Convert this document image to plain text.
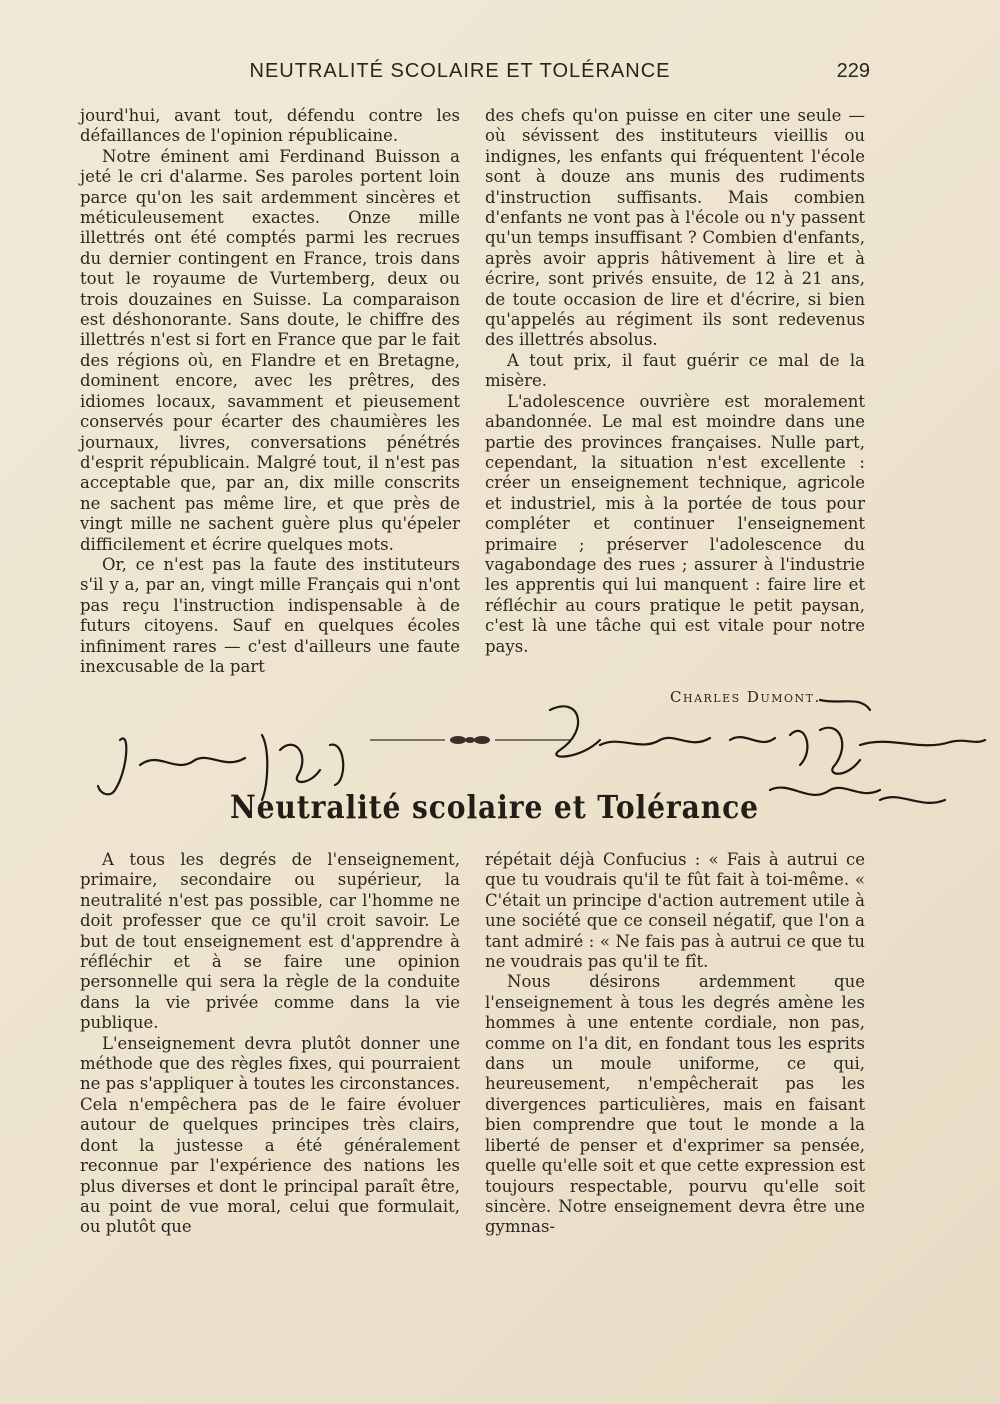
NEUTRALITÉ SCOLAIRE ET TOLÉRANCE	229

jourd'hui, avant tout, défendu contre les défaillances de l'opinion républicaine.

Notre éminent ami Ferdinand Buisson a jeté le cri d'alarme. Ses paroles portent loin parce qu'on les sait ardemment sincères et méticuleusement exactes. Onze mille illettrés ont été comptés parmi les recrues du dernier contingent en France, trois dans tout le royaume de Vurtemberg, deux ou trois douzaines en Suisse. La comparaison est déshonorante. Sans doute, le chiffre des illettrés n'est si fort en France que par le fait des régions où, en Flandre et en Bretagne, dominent encore, avec les prêtres, des idiomes locaux, savamment et pieusement conservés pour écarter des chaumières les journaux, livres, conversations pénétrés d'esprit républicain. Malgré tout, il n'est pas acceptable que, par an, dix mille conscrits ne sachent pas même lire, et que près de vingt mille ne sachent guère plus qu'épeler difficilement et écrire quelques mots.

Or, ce n'est pas la faute des instituteurs s'il y a, par an, vingt mille Français qui n'ont pas reçu l'instruction indispensable à de futurs citoyens. Sauf en quelques écoles infiniment rares — c'est d'ailleurs une faute inexcusable de la part

des chefs qu'on puisse en citer une seule — où sévissent des instituteurs vieillis ou indignes, les enfants qui fréquentent l'école sont à douze ans munis des rudiments d'instruction suffisants. Mais combien d'enfants ne vont pas à l'école ou n'y passent qu'un temps insuffisant ? Combien d'enfants, après avoir appris hâtivement à lire et à écrire, sont privés ensuite, de 12 à 21 ans, de toute occasion de lire et d'écrire, si bien qu'appelés au régiment ils sont redevenus des illettrés absolus.

A tout prix, il faut guérir ce mal de la misère.

L'adolescence ouvrière est moralement abandonnée. Le mal est moindre dans une partie des provinces françaises. Nulle part, cependant, la situation n'est excellente : créer un enseignement technique, agricole et industriel, mis à la portée de tous pour compléter et continuer l'enseignement primaire ; préserver l'adolescence du vagabondage des rues ; assurer à l'industrie les apprentis qui lui manquent : faire lire et réfléchir au cours pratique le petit paysan, c'est là une tâche qui est vitale pour notre pays.

Charles Dumont.
Neutralité scolaire et Tolérance

A tous les degrés de l'enseignement, primaire, secondaire ou supérieur, la neutralité n'est pas possible, car l'homme ne doit professer que ce qu'il croit savoir. Le but de tout enseignement est d'apprendre à réfléchir et à se faire une opinion personnelle qui sera la règle de la conduite dans la vie privée comme dans la vie publique.

L'enseignement devra plutôt donner une méthode que des règles fixes, qui pourraient ne pas s'appliquer à toutes les circonstances. Cela n'empêchera pas de le faire évoluer autour de quelques principes très clairs, dont la justesse a été généralement reconnue par l'expérience des nations les plus diverses et dont le principal paraît être, au point de vue moral, celui que formulait, ou plutôt que

répétait déjà Confucius : « Fais à autrui ce que tu voudrais qu'il te fût fait à toi-même. « C'était un principe d'action autrement utile à une société que ce conseil négatif, que l'on a tant admiré : « Ne fais pas à autrui ce que tu ne voudrais pas qu'il te fît.

Nous désirons ardemment que l'enseignement à tous les degrés amène les hommes à une entente cordiale, non pas, comme on l'a dit, en fondant tous les esprits dans un moule uniforme, ce qui, heureusement, n'empêcherait pas les divergences particulières, mais en faisant bien comprendre que tout le monde a la liberté de penser et d'exprimer sa pensée, quelle qu'elle soit et que cette expression est toujours respectable, pourvu qu'elle soit sincère. Notre enseignement devra être une gymnas-
